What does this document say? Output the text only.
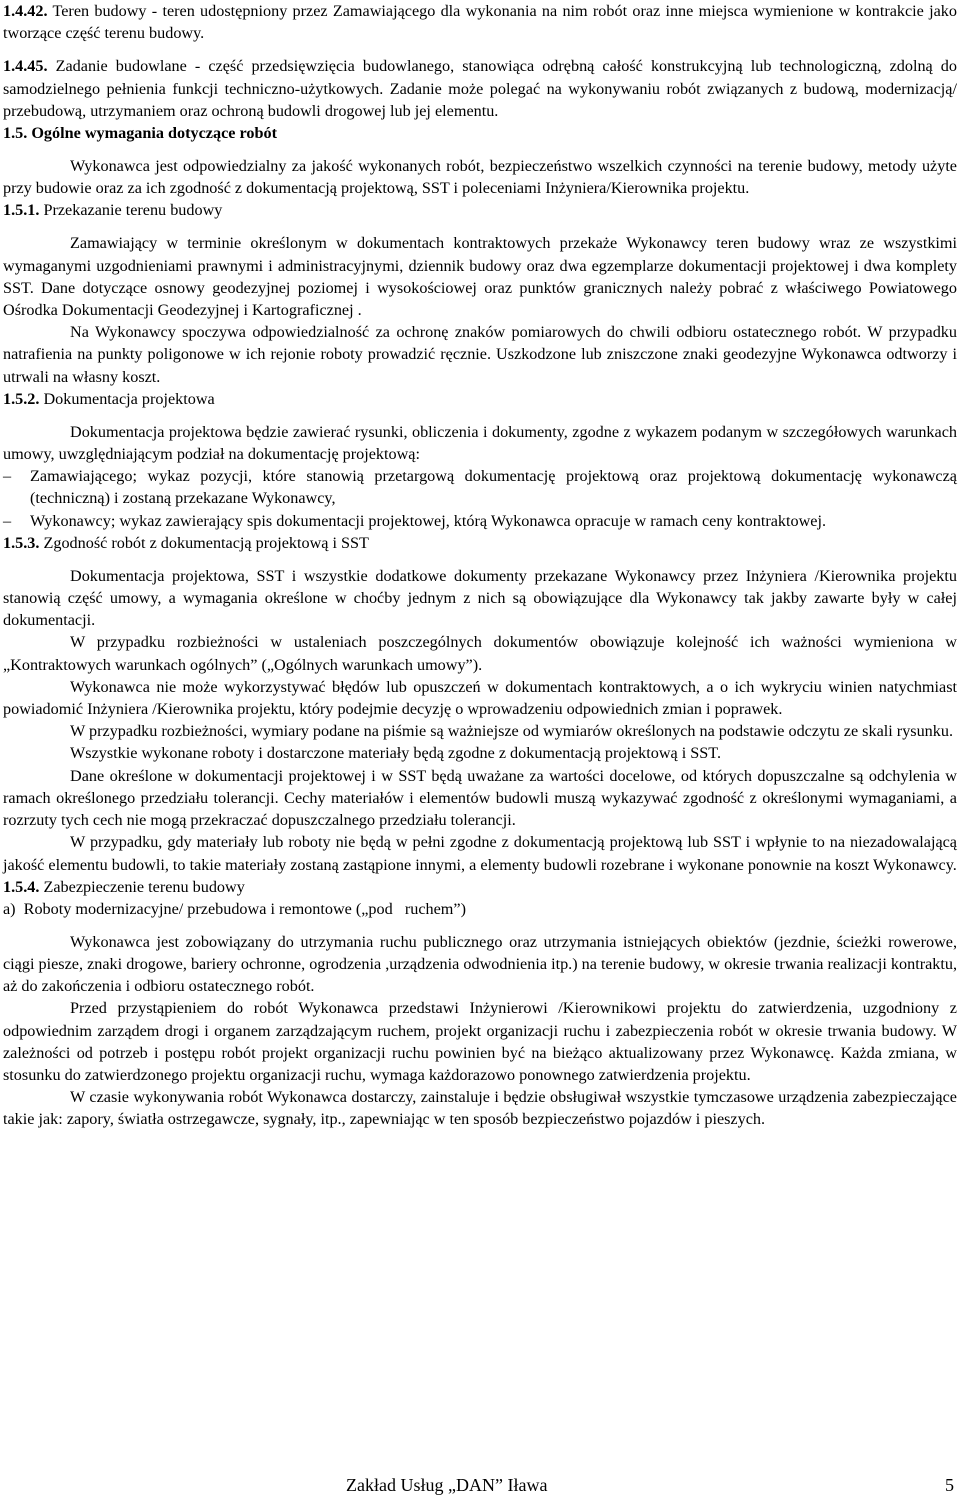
1.4.42. Teren budowy - teren udostępniony przez Zamawiającego dla wykonania na nim robót oraz inne miejsca wymienione w kontrakcie jako tworzące część terenu budowy.

1.4.45. Zadanie budowlane - część przedsięwzięcia budowlanego, stanowiąca odrębną całość konstrukcyjną lub technologiczną, zdolną do samodzielnego pełnienia funkcji techniczno-użytkowych. Zadanie może polegać na wykonywaniu robót związanych z budową, modernizacją/ przebudową, utrzymaniem oraz ochroną budowli drogowej lub jej elementu.

1.5. Ogólne wymagania dotyczące robót

Wykonawca jest odpowiedzialny za jakość wykonanych robót, bezpieczeństwo wszelkich czynności na terenie budowy, metody użyte przy budowie oraz za ich zgodność z dokumentacją projektową, SST i poleceniami Inżyniera/Kierownika projektu.

1.5.1. Przekazanie terenu budowy

Zamawiający w terminie określonym w dokumentach kontraktowych przekaże Wykonawcy teren budowy wraz ze wszystkimi wymaganymi uzgodnieniami prawnymi i administracyjnymi, dziennik budowy oraz dwa egzemplarze dokumentacji projektowej i dwa komplety SST. Dane dotyczące osnowy geodezyjnej poziomej i wysokościowej oraz punktów granicznych należy pobrać z właściwego Powiatowego Ośrodka Dokumentacji Geodezyjnej i Kartograficznej .

Na Wykonawcy spoczywa odpowiedzialność za ochronę znaków pomiarowych do chwili odbioru ostatecznego robót. W przypadku natrafienia na punkty poligonowe w ich rejonie roboty prowadzić ręcznie. Uszkodzone lub zniszczone znaki geodezyjne Wykonawca odtworzy i utrwali na własny koszt.

1.5.2. Dokumentacja projektowa

Dokumentacja projektowa będzie zawierać rysunki, obliczenia i dokumenty, zgodne z wykazem podanym w szczegółowych warunkach umowy, uwzględniającym podział na dokumentację projektową:

– Zamawiającego; wykaz pozycji, które stanowią przetargową dokumentację projektową oraz projektową dokumentację wykonawczą (techniczną) i zostaną przekazane Wykonawcy,
– Wykonawcy; wykaz zawierający spis dokumentacji projektowej, którą Wykonawca opracuje w ramach ceny kontraktowej.

1.5.3. Zgodność robót z dokumentacją projektową i SST

Dokumentacja projektowa, SST i wszystkie dodatkowe dokumenty przekazane Wykonawcy przez Inżyniera /Kierownika projektu stanowią część umowy, a wymagania określone w choćby jednym z nich są obowiązujące dla Wykonawcy tak jakby zawarte były w całej dokumentacji.

W przypadku rozbieżności w ustaleniach poszczególnych dokumentów obowiązuje kolejność ich ważności wymieniona w „Kontraktowych warunkach ogólnych” („Ogólnych warunkach umowy”).

Wykonawca nie może wykorzystywać błędów lub opuszczeń w dokumentach kontraktowych, a o ich wykryciu winien natychmiast powiadomić Inżyniera /Kierownika projektu, który podejmie decyzję o wprowadzeniu odpowiednich zmian i poprawek.

W przypadku rozbieżności, wymiary podane na piśmie są ważniejsze od wymiarów określonych na podstawie odczytu ze skali rysunku.

Wszystkie wykonane roboty i dostarczone materiały będą zgodne z dokumentacją projektową i SST.

Dane określone w dokumentacji projektowej i w SST będą uważane za wartości docelowe, od których dopuszczalne są odchylenia w ramach określonego przedziału tolerancji. Cechy materiałów i elementów budowli muszą wykazywać zgodność z określonymi wymaganiami, a rozrzuty tych cech nie mogą przekraczać dopuszczalnego przedziału tolerancji.

W przypadku, gdy materiały lub roboty nie będą w pełni zgodne z dokumentacją projektową lub SST i wpłynie to na niezadowalającą jakość elementu budowli, to takie materiały zostaną zastąpione innymi, a elementy budowli rozebrane i wykonane ponownie na koszt Wykonawcy.

1.5.4. Zabezpieczenie terenu budowy

a)  Roboty modernizacyjne/ przebudowa i remontowe („pod   ruchem”)

Wykonawca jest zobowiązany do utrzymania ruchu publicznego oraz utrzymania istniejących obiektów (jezdnie, ścieżki rowerowe, ciągi piesze, znaki drogowe, bariery ochronne, ogrodzenia ,urządzenia odwodnienia itp.) na terenie budowy, w okresie trwania realizacji kontraktu, aż do zakończenia i odbioru ostatecznego robót.

Przed przystąpieniem do robót Wykonawca przedstawi Inżynierowi /Kierownikowi projektu do zatwierdzenia, uzgodniony z odpowiednim zarządem drogi i organem zarządzającym ruchem, projekt organizacji ruchu i zabezpieczenia robót w okresie trwania budowy. W zależności od potrzeb i postępu robót projekt organizacji ruchu powinien być na bieżąco aktualizowany przez Wykonawcę. Każda zmiana, w stosunku do zatwierdzonego projektu organizacji ruchu, wymaga każdorazowo ponownego zatwierdzenia projektu.

W czasie wykonywania robót Wykonawca dostarczy, zainstaluje i będzie obsługiwał wszystkie tymczasowe urządzenia zabezpieczające takie jak: zapory, światła ostrzegawcze, sygnały, itp., zapewniając w ten sposób bezpieczeństwo pojazdów i pieszych.

Zakład Usług „DAN” Iława	5
